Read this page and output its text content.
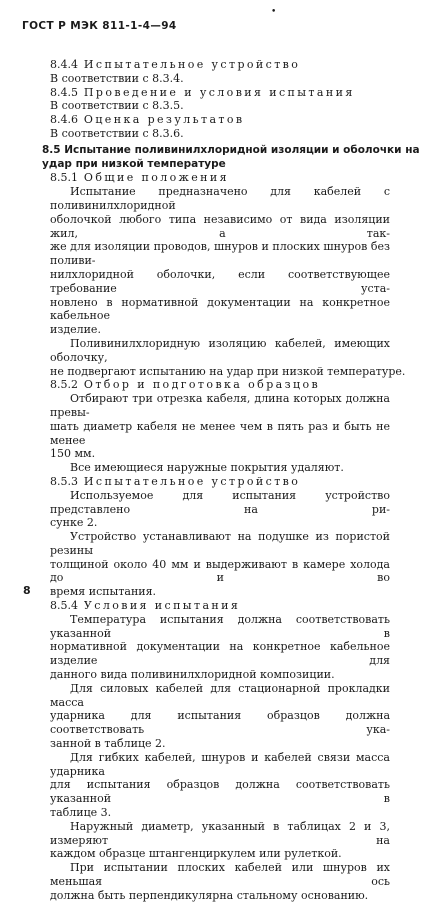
•
ГОСТ Р МЭК 811-1-4—94

8.4.4 Испытательное устройство

В соответствии с 8.3.4.

8.4.5 Проведение и условия испытания

В соответствии с 8.3.5.

8.4.6 Оценка результатов

В соответствии с 8.3.6.

8.5 Испытание поливинилхлоридной изоляции и оболочки на

удар при низкой температуре

8.5.1 Общие положения

Испытание предназначено для кабелей с поливинилхлоридной

оболочкой любого типа независимо от вида изоляции жил, а так-

же для изоляции проводов, шнуров и плоских шнуров без поливи-

нилхлоридной оболочки, если соответствующее требование уста-

новлено в нормативной документации на конкретное кабельное

изделие.

Поливинилхлоридную изоляцию кабелей, имеющих оболочку,

не подвергают испытанию на удар при низкой температуре.

8.5.2 Отбор и подготовка образцов

Отбирают три отрезка кабеля, длина которых должна превы-

шать диаметр кабеля не менее чем в пять раз и быть не менее

150 мм.

Все имеющиеся наружные покрытия удаляют.

8.5.3 Испытательное устройство

Используемое для испытания устройство представлено на ри-

сунке 2.

Устройство устанавливают на подушке из пористой резины

толщиной около 40 мм и выдерживают в камере холода до и во

время испытания.

8.5.4 Условия испытания

Температура испытания должна соответствовать указанной в

нормативной документации на конкретное кабельное изделие для

данного вида поливинилхлоридной композиции.

Для силовых кабелей для стационарной прокладки масса

ударника для испытания образцов должна соответствовать ука-

занной в таблице 2.

Для гибких кабелей, шнуров и кабелей связи масса ударника

для испытания образцов должна соответствовать указанной в

таблице 3.

Наружный диаметр, указанный в таблицах 2 и 3, измеряют на

каждом образце штангенциркулем или рулеткой.

При испытании плоских кабелей или шнуров их меньшая ось

должна быть перпендикулярна стальному основанию.

8
